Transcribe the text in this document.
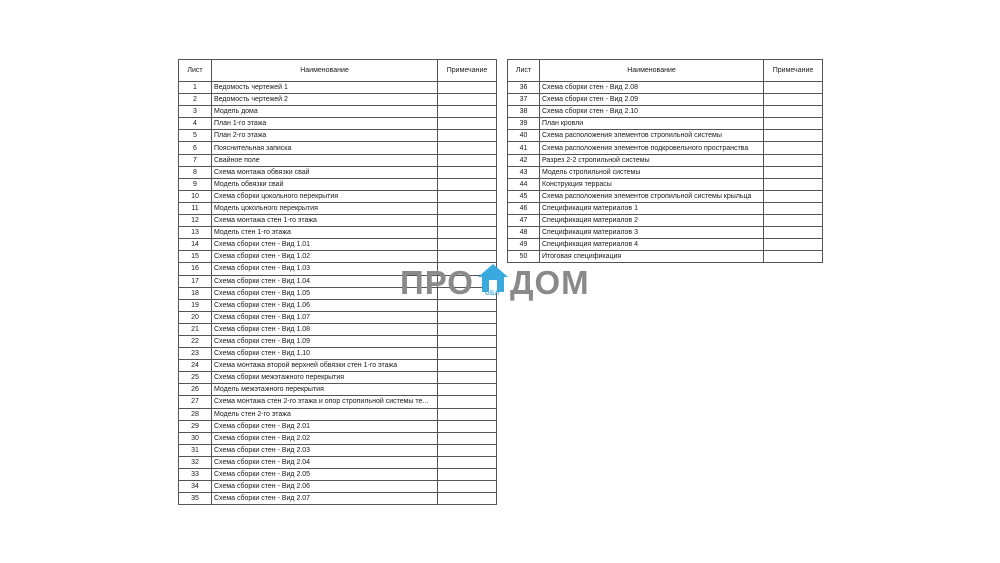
Лист	Наименование	Примечание
1	Ведомость чертежей 1	
2	Ведомость чертежей 2	
3	Модель дома	
4	План 1-го этажа	
5	План 2-го этажа	
6	Пояснительная записка	
7	Свайное поле	
8	Схема монтажа обвязки свай	
9	Модель обвязки свай	
10	Схема сборки цокольного перекрытия	
11	Модель цокольного перекрытия	
12	Схема монтажа стен 1-го этажа	
13	Модель стен 1-го этажа	
14	Схема сборки стен - Вид 1.01	
15	Схема сборки стен - Вид 1.02	
16	Схема сборки стен - Вид 1.03	
17	Схема сборки стен - Вид 1.04	
18	Схема сборки стен - Вид 1.05	
19	Схема сборки стен - Вид 1.06	
20	Схема сборки стен - Вид 1.07	
21	Схема сборки стен - Вид 1.08	
22	Схема сборки стен - Вид 1.09	
23	Схема сборки стен - Вид 1.10	
24	Схема монтажа второй верхней обвязки стен 1-го этажа	
25	Схема сборки межэтажного перекрытия	
26	Модель межэтажного перекрытия	
27	Схема монтажа стен 2-го этажа и опор стропильной системы те...	
28	Модель стен 2-го этажа	
29	Схема сборки стен - Вид 2.01	
30	Схема сборки стен - Вид 2.02	
31	Схема сборки стен - Вид 2.03	
32	Схема сборки стен - Вид 2.04	
33	Схема сборки стен - Вид 2.05	
34	Схема сборки стен - Вид 2.06	
35	Схема сборки стен - Вид 2.07	
Лист	Наименование	Примечание
36	Схема сборки стен - Вид 2.08	
37	Схема сборки стен - Вид 2.09	
38	Схема сборки стен - Вид 2.10	
39	План кровли	
40	Схема расположения элементов стропильной системы	
41	Схема расположения элементов подкровельного пространства	
42	Разрез 2-2 стропильной системы	
43	Модель стропильной системы	
44	Конструкция террасы	
45	Схема расположения элементов стропильной системы крыльца	
46	Спецификация материалов 1	
47	Спецификация материалов 2	
48	Спецификация материалов 3	
49	Спецификация материалов 4	
50	Итоговая спецификация	
ПРО ДОМ
ОБЛ
